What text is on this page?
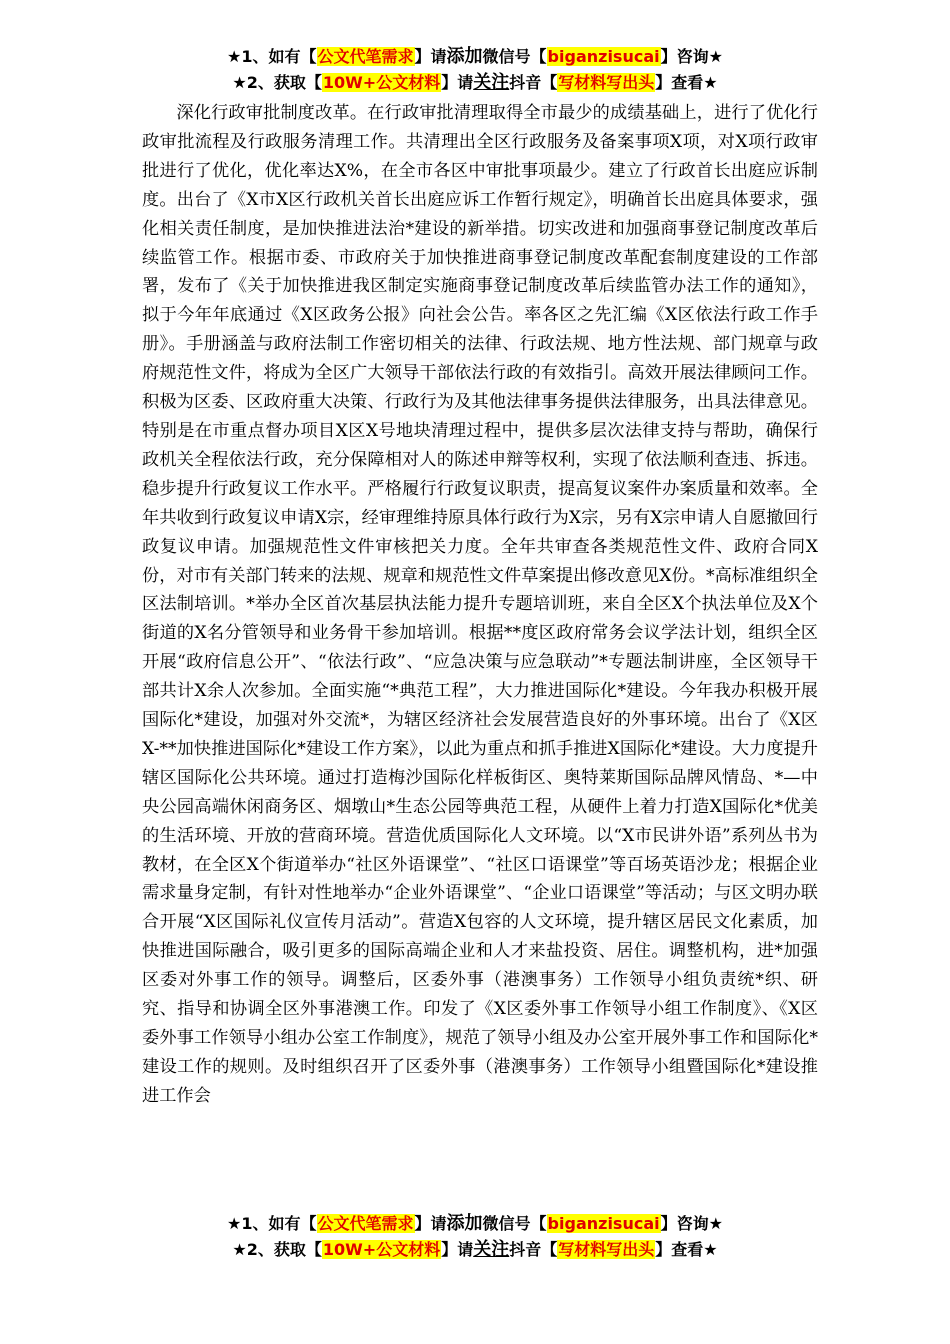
★1、如有【公文代笔需求】请添加微信号【biganzisucai】咨询★
★2、获取【10W+公文材料】请关注抖音【写材料写出头】查看★

深化行政审批制度改革。在行政审批清理取得全市最少的成绩基础上，进行了优化行政审批流程及行政服务清理工作。共清理出全区行政服务及备案事项X项，对X项行政审批进行了优化，优化率达X%，在全市各区中审批事项最少。建立了行政首长出庭应诉制度。出台了《X市X区行政机关首长出庭应诉工作暂行规定》，明确首长出庭具体要求，强化相关责任制度，是加快推进法治*建设的新举措。切实改进和加强商事登记制度改革后续监管工作。根据市委、市政府关于加快推进商事登记制度改革配套制度建设的工作部署，发布了《关于加快推进我区制定实施商事登记制度改革后续监管办法工作的通知》，拟于今年年底通过《X区政务公报》向社会公告。率各区之先汇编《X区依法行政工作手册》。手册涵盖与政府法制工作密切相关的法律、行政法规、地方性法规、部门规章与政府规范性文件，将成为全区广大领导干部依法行政的有效指引。高效开展法律顾问工作。积极为区委、区政府重大决策、行政行为及其他法律事务提供法律服务，出具法律意见。特别是在市重点督办项目X区X号地块清理过程中，提供多层次法律支持与帮助，确保行政机关全程依法行政，充分保障相对人的陈述申辩等权利，实现了依法顺利查违、拆违。稳步提升行政复议工作水平。严格履行行政复议职责，提高复议案件办案质量和效率。全年共收到行政复议申请X宗，经审理维持原具体行政行为X宗，另有X宗申请人自愿撤回行政复议申请。加强规范性文件审核把关力度。全年共审查各类规范性文件、政府合同X份，对市有关部门转来的法规、规章和规范性文件草案提出修改意见X份。*高标准组织全区法制培训。*举办全区首次基层执法能力提升专题培训班，来自全区X个执法单位及X个街道的X名分管领导和业务骨干参加培训。根据**度区政府常务会议学法计划，组织全区开展“政府信息公开”、“依法行政”、“应急决策与应急联动”*专题法制讲座，全区领导干部共计X余人次参加。全面实施“*典范工程”，大力推进国际化*建设。今年我办积极开展国际化*建设，加强对外交流*，为辖区经济社会发展营造良好的外事环境。出台了《X区X-**加快推进国际化*建设工作方案》，以此为重点和抓手推进X国际化*建设。大力度提升辖区国际化公共环境。通过打造梅沙国际化样板街区、奥特莱斯国际品牌风情岛、*—中央公园高端休闲商务区、烟墩山*生态公园等典范工程，从硬件上着力打造X国际化*优美的生活环境、开放的营商环境。营造优质国际化人文环境。以“X市民讲外语”系列丛书为教材，在全区X个街道举办“社区外语课堂”、“社区口语课堂”等百场英语沙龙；根据企业需求量身定制，有针对性地举办“企业外语课堂”、“企业口语课堂”等活动；与区文明办联合开展“X区国际礼仪宣传月活动”。营造X包容的人文环境，提升辖区居民文化素质，加快推进国际融合，吸引更多的国际高端企业和人才来盐投资、居住。调整机构，进*加强区委对外事工作的领导。调整后，区委外事（港澳事务）工作领导小组负责统*织、研究、指导和协调全区外事港澳工作。印发了《X区委外事工作领导小组工作制度》、《X区委外事工作领导小组办公室工作制度》，规范了领导小组及办公室开展外事工作和国际化*建设工作的规则。及时组织召开了区委外事（港澳事务）工作领导小组暨国际化*建设推进工作会

★1、如有【公文代笔需求】请添加微信号【biganzisucai】咨询★
★2、获取【10W+公文材料】请关注抖音【写材料写出头】查看★
